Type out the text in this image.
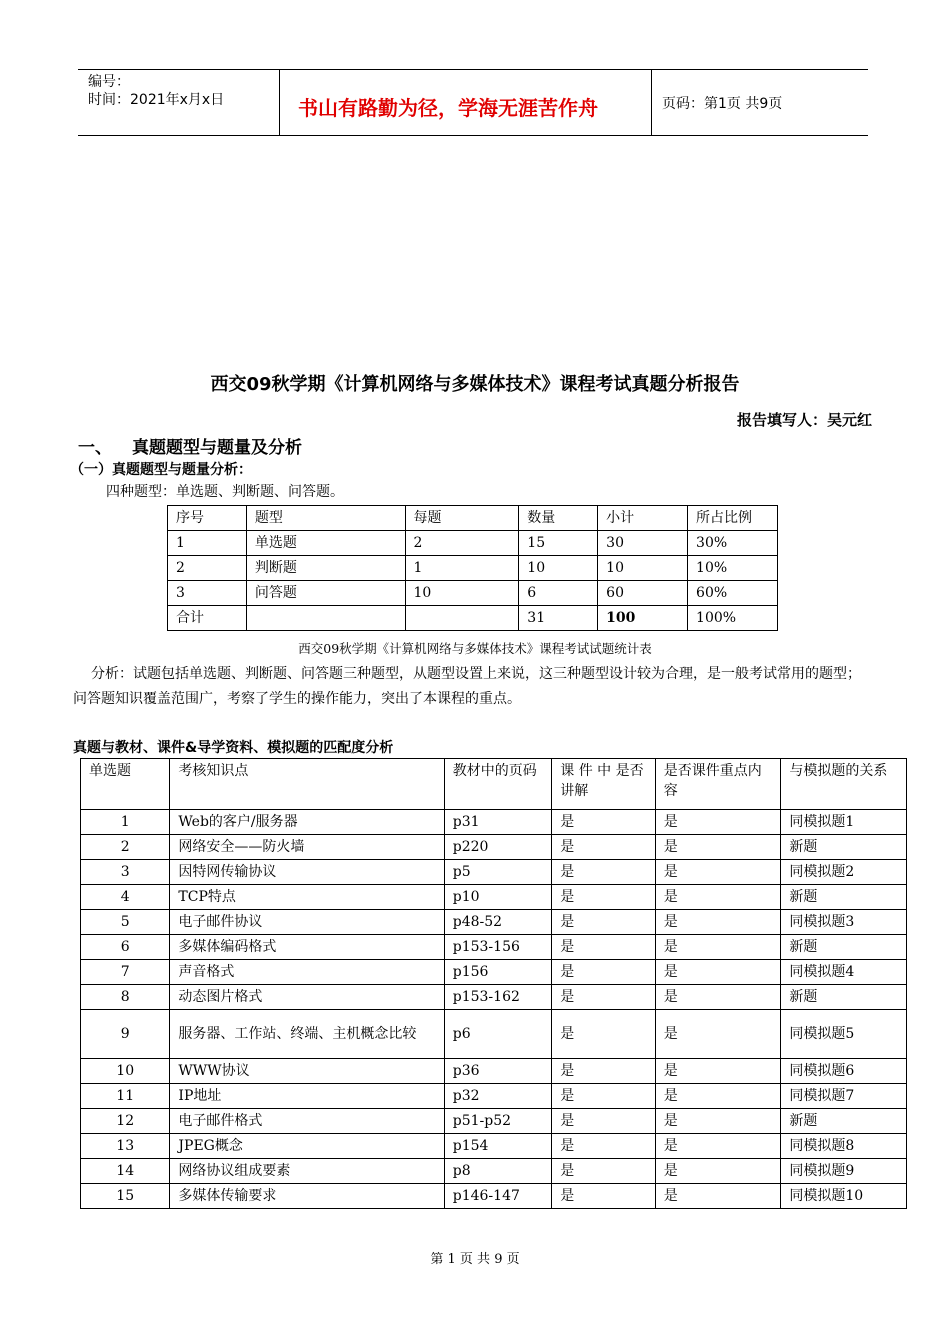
编号：
时间：2021年x月x日	书山有路勤为径，学海无涯苦作舟	页码：第1页 共9页
西交09秋学期《计算机网络与多媒体技术》课程考试真题分析报告
报告填写人：吴元红
一、 真题题型与题量及分析
（一）真题题型与题量分析：
四种题型：单选题、判断题、问答题。
序号	题型	每题	数量	小计	所占比例
1	单选题	2	15	30	30%
2	判断题	1	10	10	10%
3	问答题	10	6	60	60%
合计			31	100	100%
西交09秋学期《计算机网络与多媒体技术》课程考试试题统计表
分析：试题包括单选题、判断题、问答题三种题型，从题型设置上来说，这三种题型设计较为合理，是一般考试常用的题型；问答题知识覆盖范围广，考察了学生的操作能力，突出了本课程的重点。
真题与教材、课件&导学资料、模拟题的匹配度分析
单选题	考核知识点	教材中的页码	课 件 中 是否讲解	是否课件重点内容	与模拟题的关系
1	Web的客户/服务器	p31	是	是	同模拟题1
2	网络安全——防火墙	p220	是	是	新题
3	因特网传输协议	p5	是	是	同模拟题2
4	TCP特点	p10	是	是	新题
5	电子邮件协议	p48-52	是	是	同模拟题3
6	多媒体编码格式	p153-156	是	是	新题
7	声音格式	p156	是	是	同模拟题4
8	动态图片格式	p153-162	是	是	新题
9	服务器、工作站、终端、主机概念比较	p6	是	是	同模拟题5
10	WWW协议	p36	是	是	同模拟题6
11	IP地址	p32	是	是	同模拟题7
12	电子邮件格式	p51-p52	是	是	新题
13	JPEG概念	p154	是	是	同模拟题8
14	网络协议组成要素	p8	是	是	同模拟题9
15	多媒体传输要求	p146-147	是	是	同模拟题10
第 1 页 共 9 页
